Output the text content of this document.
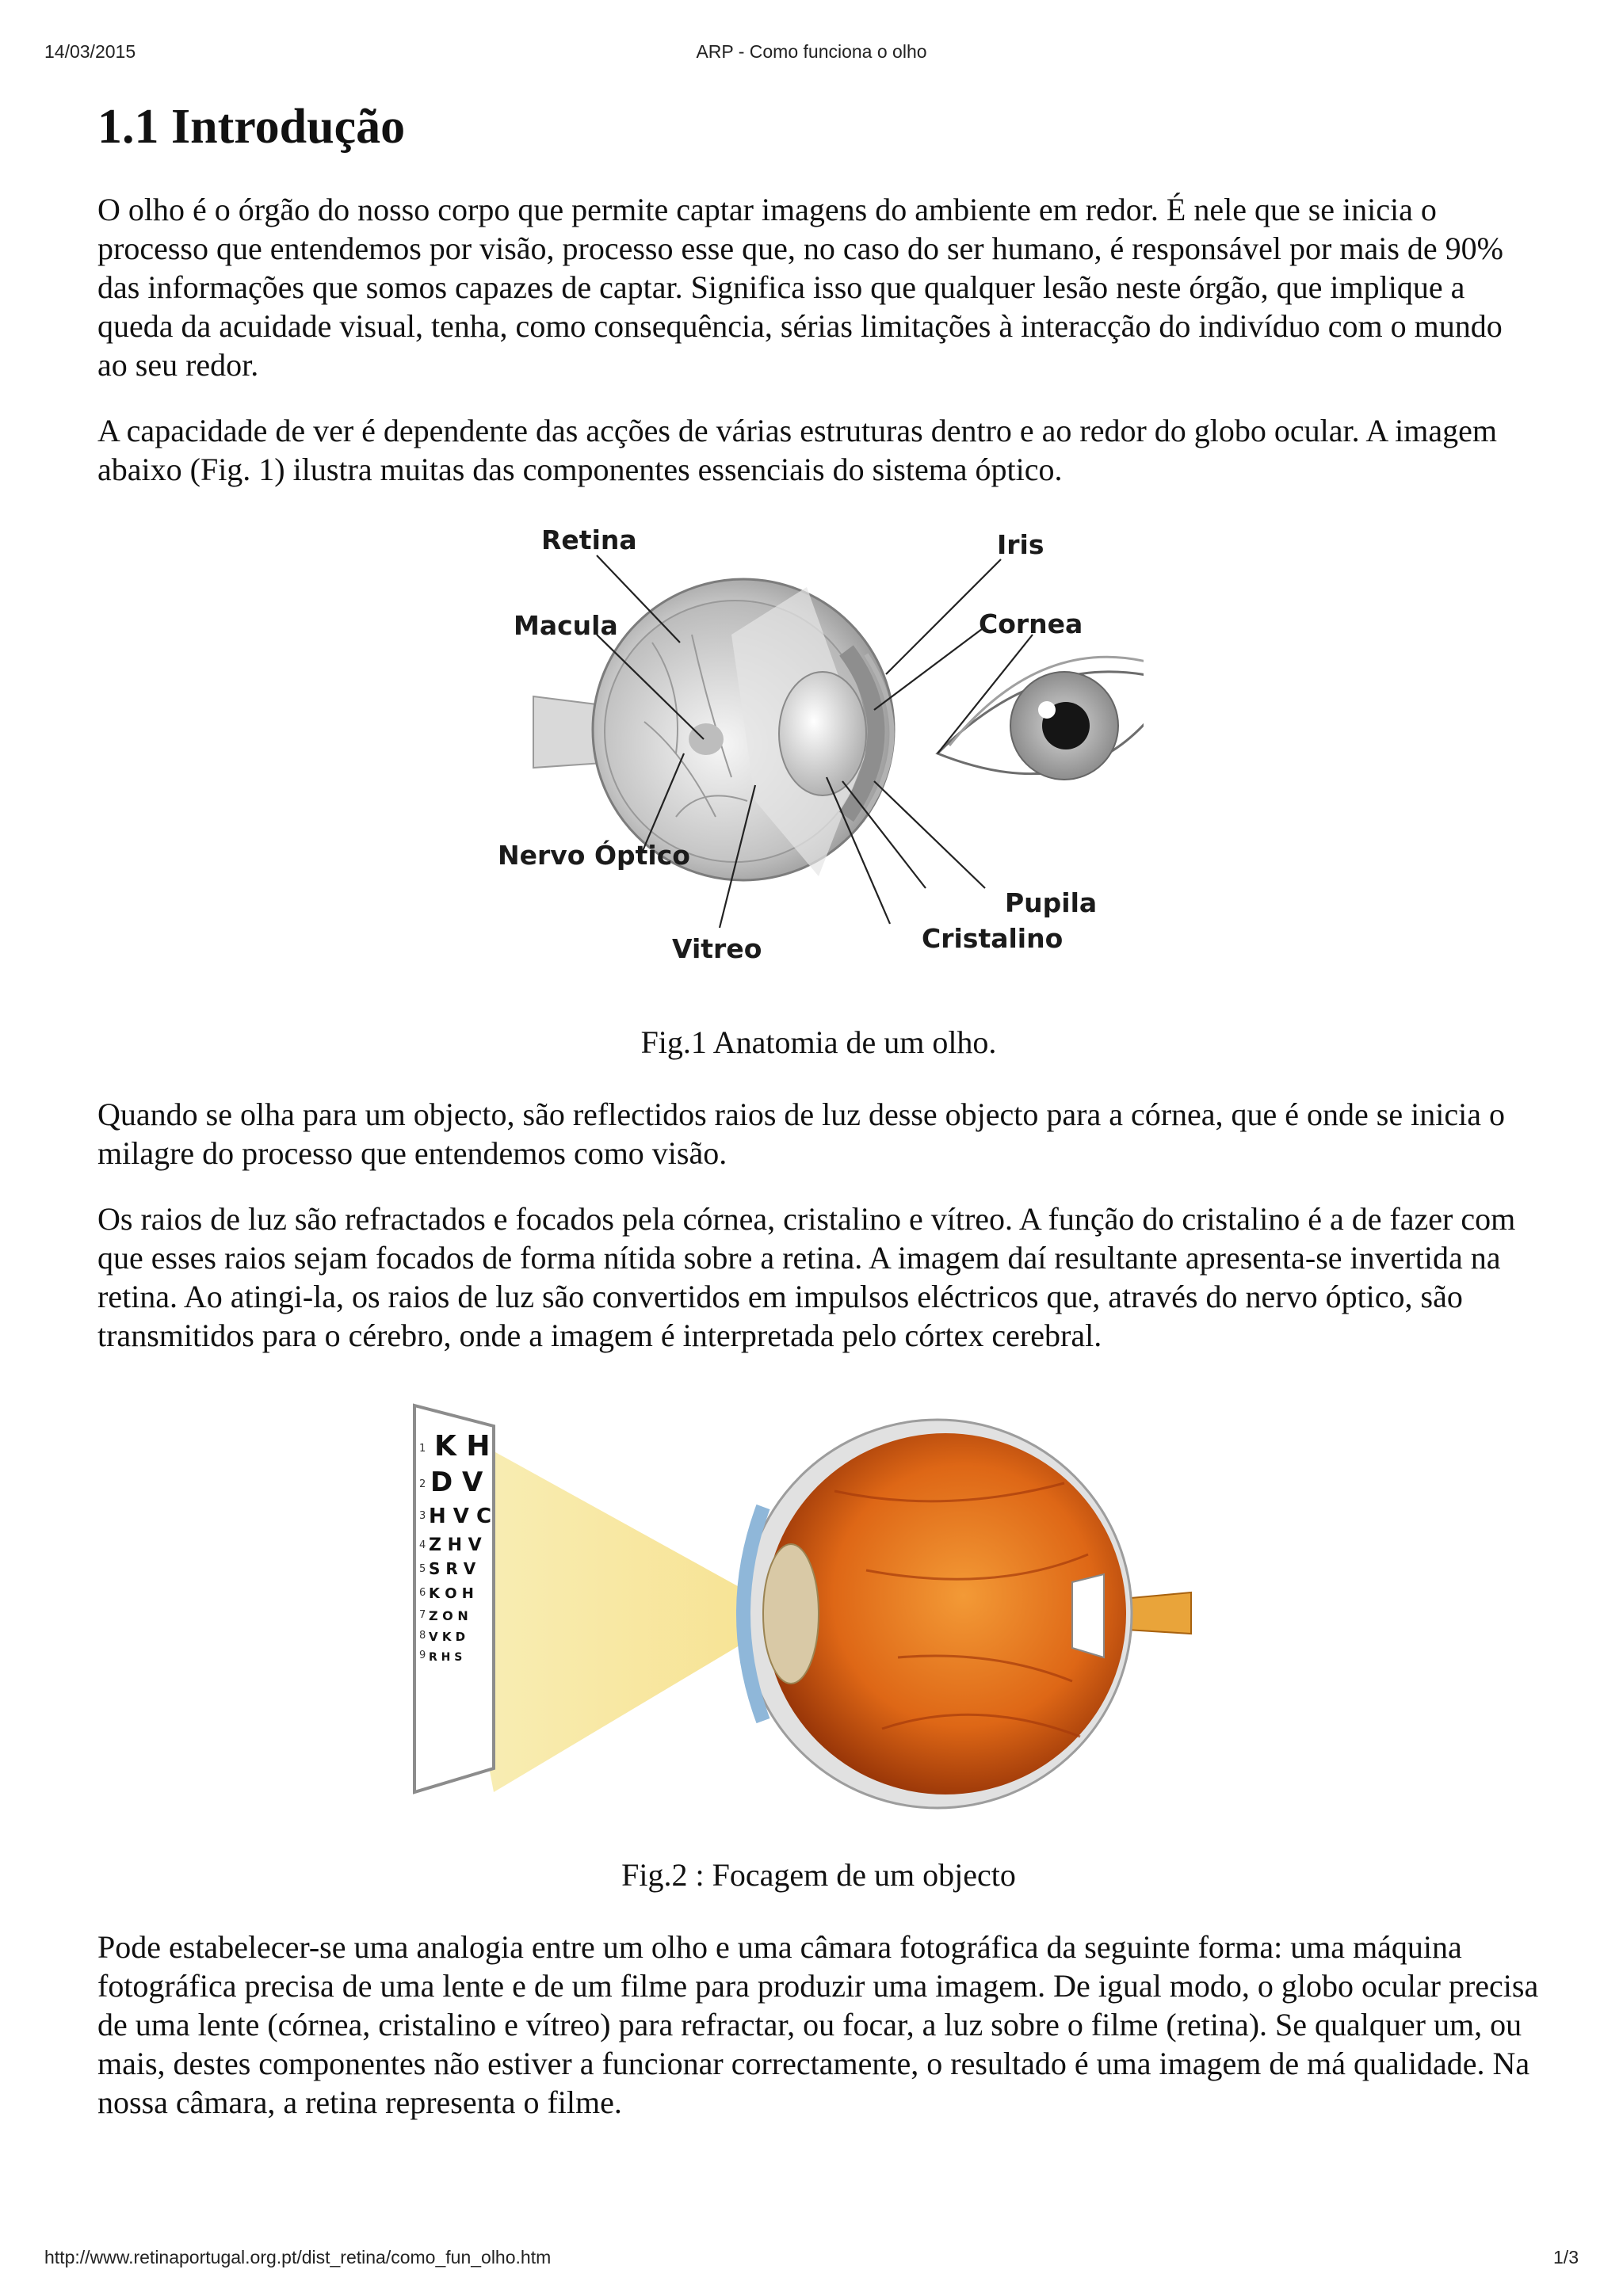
14/03/2015	ARP - Como funciona o olho
1.1 Introdução

O olho é o órgão do nosso corpo que permite captar imagens do ambiente em redor. É nele que se inicia o processo que entendemos por visão, processo esse que, no caso do ser humano, é responsável por mais de 90% das informações que somos capazes de captar. Significa isso que qualquer lesão neste órgão, que implique a queda da acuidade visual, tenha, como consequência, sérias limitações à interacção do indivíduo com o mundo ao seu redor.

A capacidade de ver é dependente das acções de várias estruturas dentro e ao redor do globo ocular. A imagem abaixo (Fig. 1) ilustra muitas das componentes essenciais do sistema óptico.

Retina
Macula
Nervo Óptico
Vitreo
Iris
Cornea
Cristalino
Pupila
Fig.1 Anatomia de um olho.

Quando se olha para um objecto, são reflectidos raios de luz desse objecto para a córnea, que é onde se inicia o milagre do processo que entendemos como visão.

Os raios de luz são refractados e focados pela córnea, cristalino e vítreo. A função do cristalino é a de fazer com que esses raios sejam focados de forma nítida sobre a retina. A imagem daí resultante apresenta-se invertida na retina. Ao atingi-la, os raios de luz são convertidos em impulsos eléctricos que, através do nervo óptico, são transmitidos para o cérebro, onde a imagem é interpretada pelo córtex cerebral.

K H
D V
H V C
Z H V
S R V
K O H
Z O N
V K D
R H S
1
2
3
4
5
6
7
8
9
Fig.2 : Focagem de um objecto

Pode estabelecer-se uma analogia entre um olho e uma câmara fotográfica da seguinte forma: uma máquina fotográfica precisa de uma lente e de um filme para produzir uma imagem. De igual modo, o globo ocular precisa de uma lente (córnea, cristalino e vítreo) para refractar, ou focar, a luz sobre o filme (retina). Se qualquer um, ou mais, destes componentes não estiver a funcionar correctamente, o resultado é uma imagem de má qualidade. Na nossa câmara, a retina representa o filme.

http://www.retinaportugal.org.pt/dist_retina/como_fun_olho.htm	1/3
